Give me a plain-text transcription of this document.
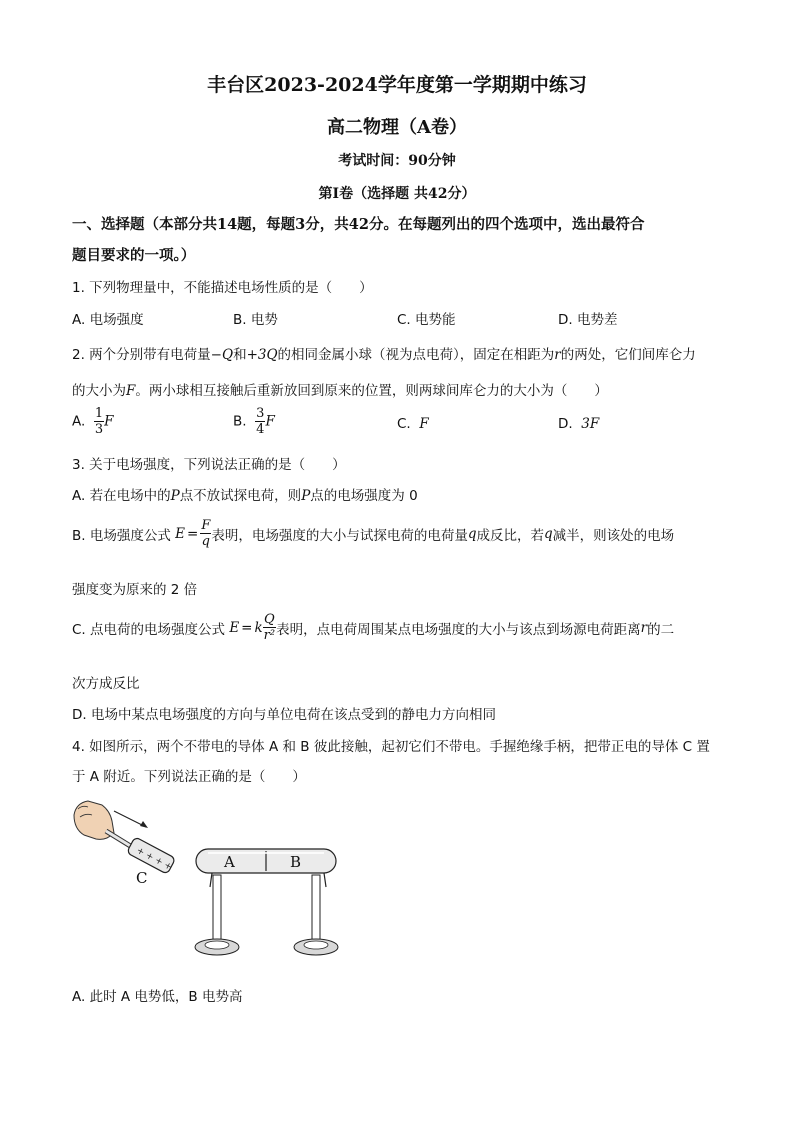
丰台区2023-2024学年度第一学期期中练习
高二物理（A卷）
考试时间：90分钟
第I卷（选择题 共42分）
一、选择题（本部分共14题，每题3分，共42分。在每题列出的四个选项中，选出最符合
题目要求的一项。）
1. 下列物理量中，不能描述电场性质的是（　　）
A. 电场强度	B. 电势	C. 电势能	D. 电势差
2. 两个分别带有电荷量−Q和+3Q的相同金属小球（视为点电荷），固定在相距为r的两处，它们间库仑力
的大小为F。两小球相互接触后重新放回到原来的位置，则两球间库仑力的大小为（　　）
A. $\frac{1}{3}$ F	B. $\frac{3}{4}$ F	C. F	D. 3F
3. 关于电场强度，下列说法正确的是（　　）
A. 若在电场中的P点不放试探电荷，则P点的电场强度为 0
B. 电场强度公式 $E = \frac{F}{q}$ 表明，电场强度的大小与试探电荷的电荷量q成反比，若q减半，则该处的电场
强度变为原来的 2 倍
C. 点电荷的电场强度公式 E = k $\frac{Q}{\text{r²}}$ 表明，点电荷周围某点电场强度的大小与该点到场源电荷距离r的二
次方成反比
D. 电场中某点电场强度的方向与单位电荷在该点受到的静电力方向相同
4. 如图所示，两个不带电的导体 A 和 B 彼此接触，起初它们不带电。手握绝缘手柄，把带正电的导体 C 置
于 A 附近。下列说法正确的是（　　）
+ + + +
C
A	B
A. 此时 A 电势低，B 电势高
